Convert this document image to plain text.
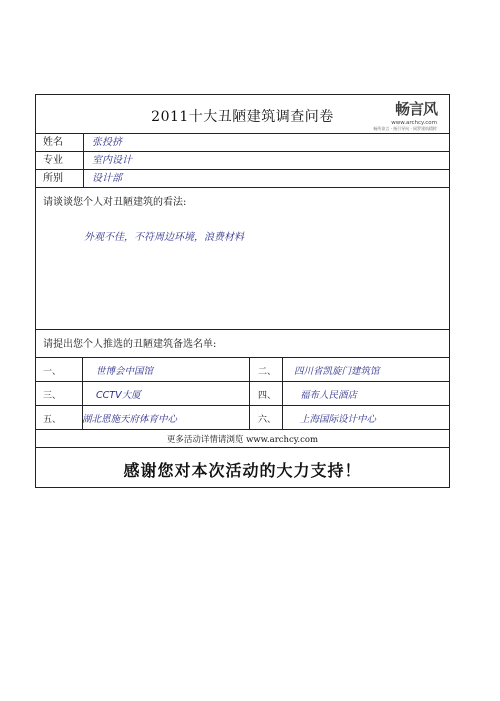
2011十大丑陋建筑调查问卷	畅言风
www.archcy.com
畅所欲言 · 指引导向 · 网罗建筑精粹
姓名	张投挤
专业	室内设计
所别	设计部
请谈谈您个人对丑陋建筑的看法:
外观不佳，不符周边环境，浪费材料
请提出您个人推选的丑陋建筑备选名单:
一、	世博会中国馆	二、 四川省凯旋门建筑馆
三、	CCTV大厦	四、	福布人民酒店
五、 湖北恩施天府体育中心	六、	上海国际设计中心
更多活动详情请浏览 www.archcy.com
感谢您对本次活动的大力支持！
